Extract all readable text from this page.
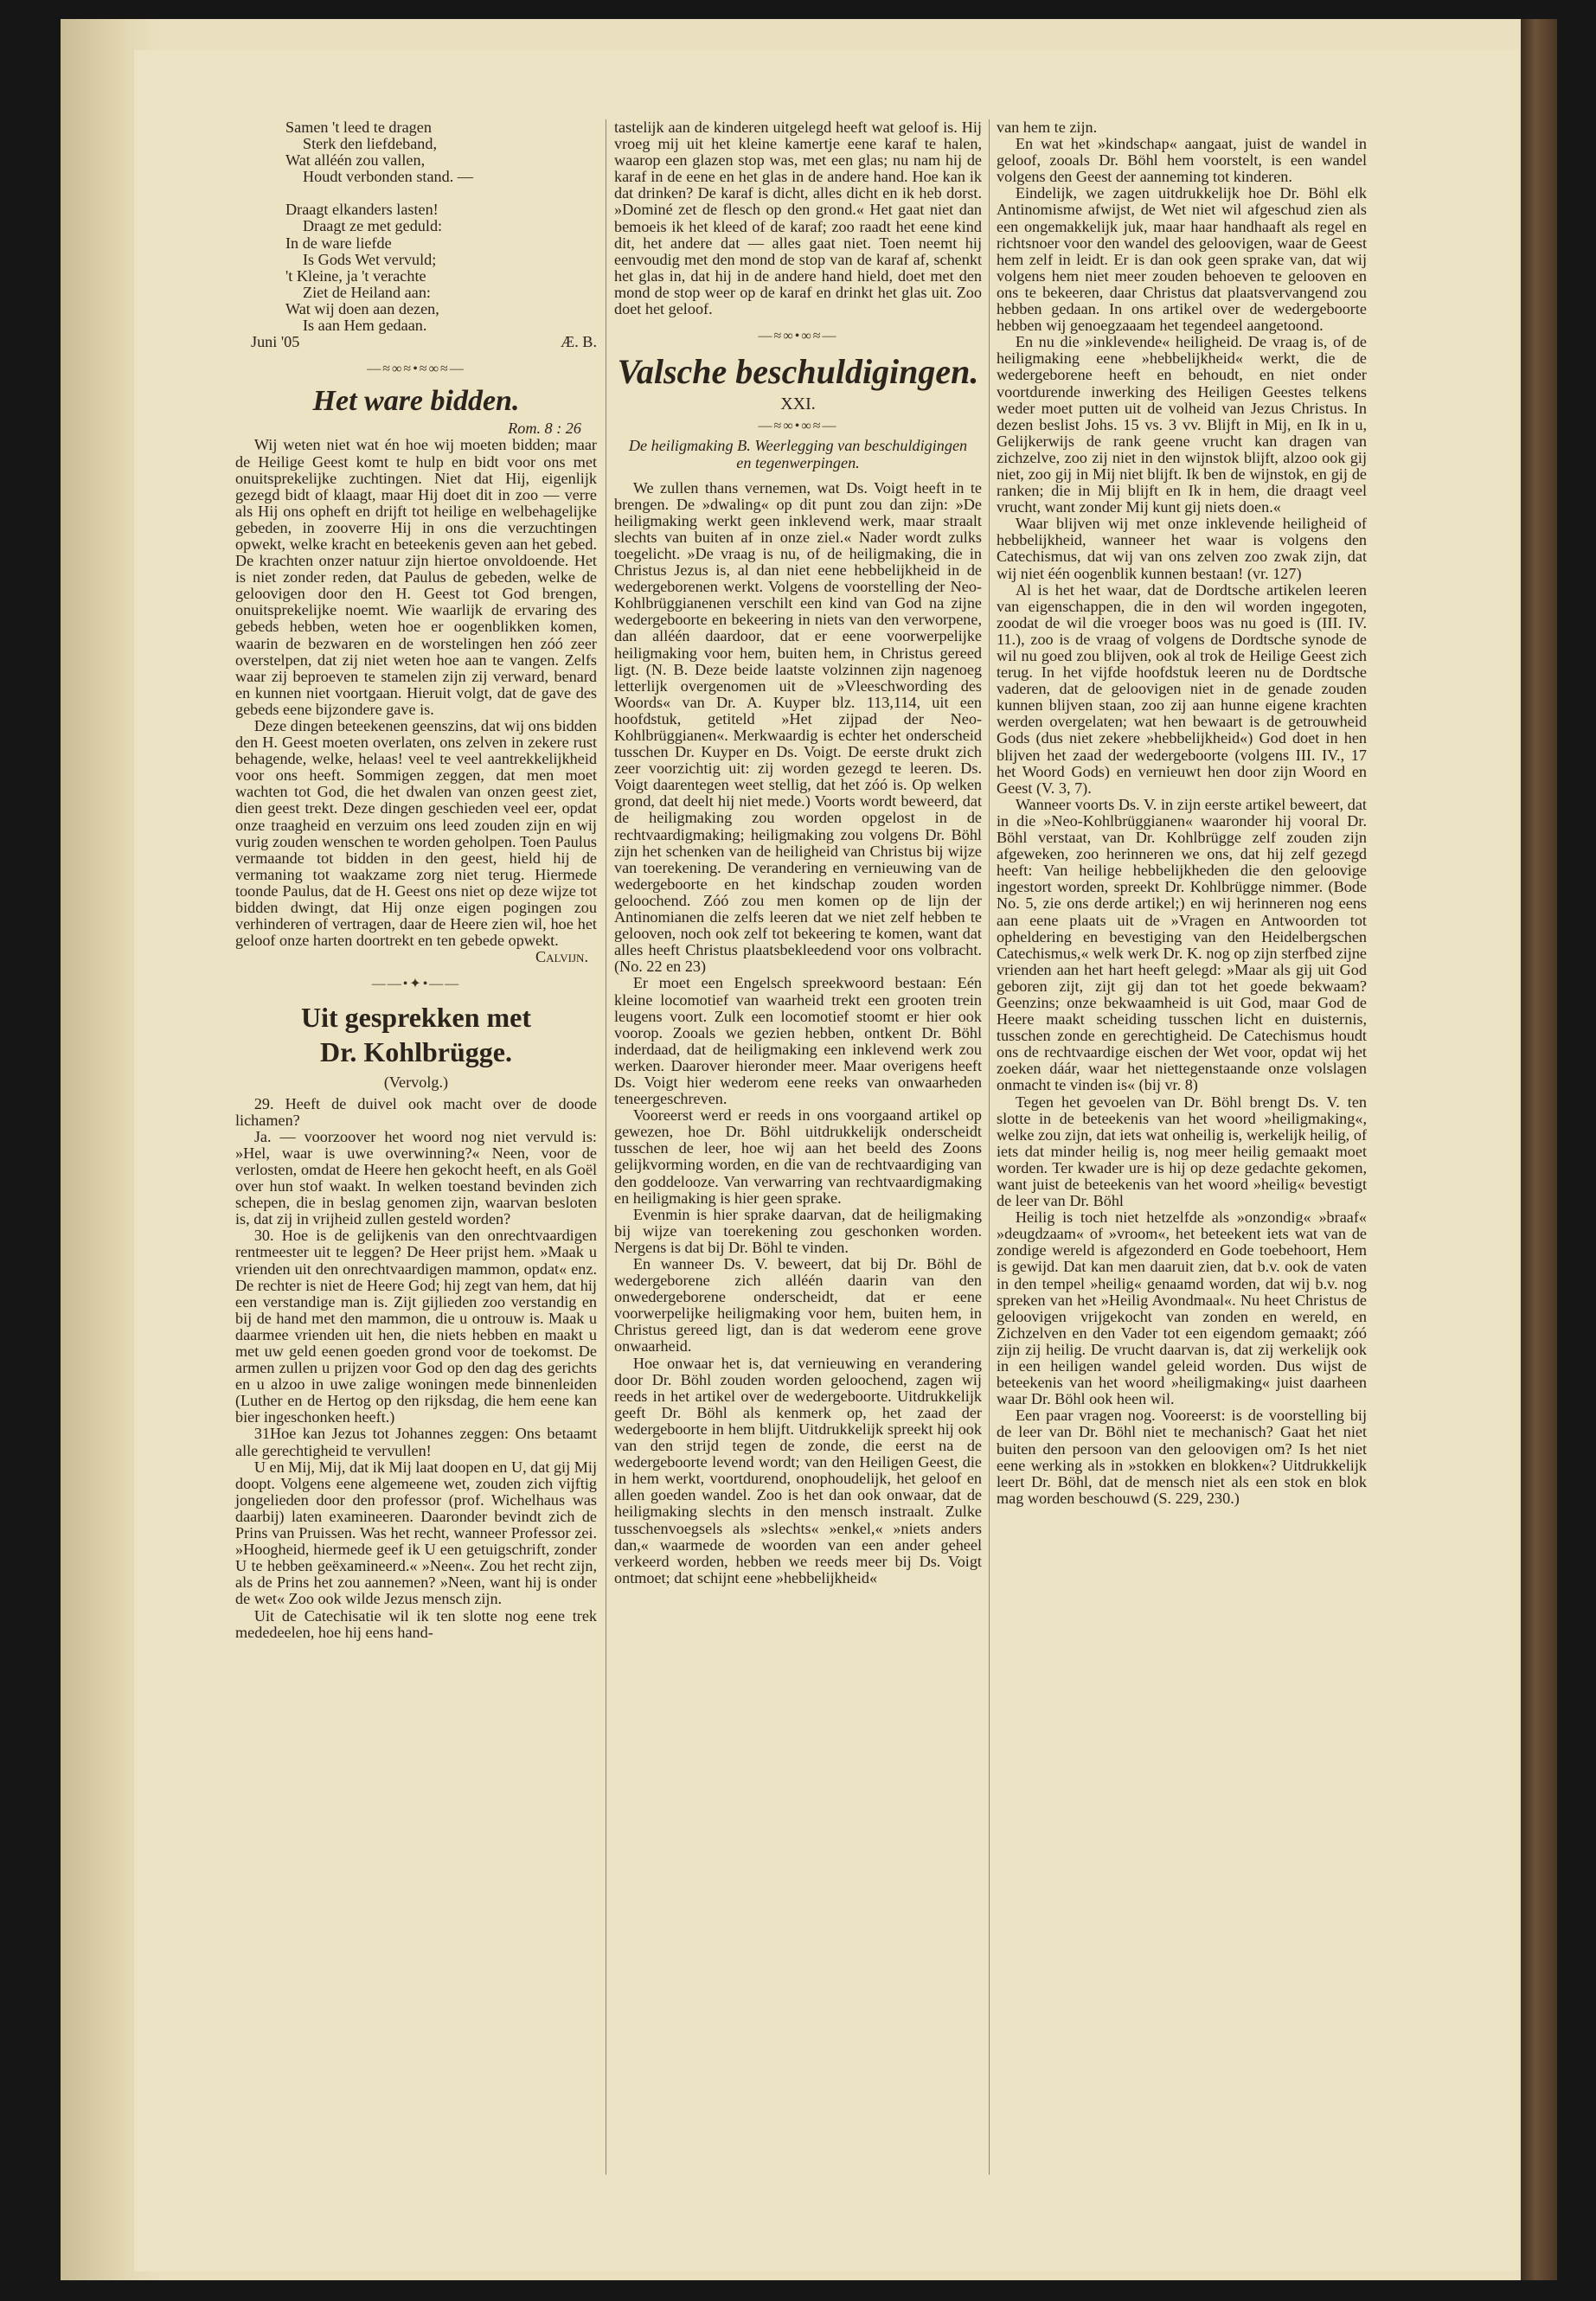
Samen 't leed te dragen
Sterk den liefdeband,
Wat alléén zou vallen,
Houdt verbonden stand. —
Draagt elkanders lasten!
Draagt ze met geduld:
In de ware liefde
Is Gods Wet vervuld;
't Kleine, ja 't verachte
Ziet de Heiland aan:
Wat wij doen aan dezen,
Is aan Hem gedaan.
Juni '05	Æ. B.
—≈∞≈•≈∞≈—
Het ware bidden.
Rom. 8 : 26

Wij weten niet wat én hoe wij moeten bidden; maar de Heilige Geest komt te hulp en bidt voor ons met onuitsprekelijke zuchtingen. Niet dat Hij, eigenlijk gezegd bidt of klaagt, maar Hij doet dit in zoo — verre als Hij ons opheft en drijft tot heilige en welbehagelijke gebeden, in zooverre Hij in ons die verzuchtingen opwekt, welke kracht en beteekenis geven aan het gebed. De krachten onzer natuur zijn hiertoe onvoldoende. Het is niet zonder reden, dat Paulus de gebeden, welke de geloovigen door den H. Geest tot God brengen, onuitsprekelijke noemt. Wie waarlijk de ervaring des gebeds hebben, weten hoe er oogenblikken komen, waarin de bezwaren en de worstelingen hen zóó zeer overstelpen, dat zij niet weten hoe aan te vangen. Zelfs waar zij beproeven te stamelen zijn zij verward, benard en kunnen niet voortgaan. Hieruit volgt, dat de gave des gebeds eene bijzondere gave is.

Deze dingen beteekenen geenszins, dat wij ons bidden den H. Geest moeten overlaten, ons zelven in zekere rust behagende, welke, helaas! veel te veel aantrekkelijkheid voor ons heeft. Sommigen zeggen, dat men moet wachten tot God, die het dwalen van onzen geest ziet, dien geest trekt. Deze dingen geschieden veel eer, opdat onze traagheid en verzuim ons leed zouden zijn en wij vurig zouden wenschen te worden geholpen. Toen Paulus vermaande tot bidden in den geest, hield hij de vermaning tot waakzame zorg niet terug. Hiermede toonde Paulus, dat de H. Geest ons niet op deze wijze tot bidden dwingt, dat Hij onze eigen pogingen zou verhinderen of vertragen, daar de Heere zien wil, hoe het geloof onze harten doortrekt en ten gebede opwekt.

Calvijn.
——•✦•——
Uit gesprekken met
Dr. Kohlbrügge.
(Vervolg.)

29. Heeft de duivel ook macht over de doode lichamen?

Ja. — voorzoover het woord nog niet vervuld is: »Hel, waar is uwe overwinning?« Neen, voor de verlosten, omdat de Heere hen gekocht heeft, en als Goël over hun stof waakt. In welken toestand bevinden zich schepen, die in beslag genomen zijn, waarvan besloten is, dat zij in vrijheid zullen gesteld worden?

30. Hoe is de gelijkenis van den onrechtvaardigen rentmeester uit te leggen? De Heer prijst hem. »Maak u vrienden uit den onrechtvaardigen mammon, opdat« enz. De rechter is niet de Heere God; hij zegt van hem, dat hij een verstandige man is. Zijt gijlieden zoo verstandig en bij de hand met den mammon, die u ontrouw is. Maak u daarmee vrienden uit hen, die niets hebben en maakt u met uw geld eenen goeden grond voor de toekomst. De armen zullen u prijzen voor God op den dag des gerichts en u alzoo in uwe zalige woningen mede binnenleiden (Luther en de Hertog op den rijksdag, die hem eene kan bier ingeschonken heeft.)

31Hoe kan Jezus tot Johannes zeggen: Ons betaamt alle gerechtigheid te vervullen!

U en Mij, Mij, dat ik Mij laat doopen en U, dat gij Mij doopt. Volgens eene algemeene wet, zouden zich vijftig jongelieden door den professor (prof. Wichelhaus was daarbij) laten examineeren. Daaronder bevindt zich de Prins van Pruissen. Was het recht, wanneer Professor zei. »Hoogheid, hiermede geef ik U een getuigschrift, zonder U te hebben geëxamineerd.« »Neen«. Zou het recht zijn, als de Prins het zou aannemen? »Neen, want hij is onder de wet« Zoo ook wilde Jezus mensch zijn.

Uit de Catechisatie wil ik ten slotte nog eene trek mededeelen, hoe hij eens hand-

tastelijk aan de kinderen uitgelegd heeft wat geloof is. Hij vroeg mij uit het kleine kamertje eene karaf te halen, waarop een glazen stop was, met een glas; nu nam hij de karaf in de eene en het glas in de andere hand. Hoe kan ik dat drinken? De karaf is dicht, alles dicht en ik heb dorst. »Dominé zet de flesch op den grond.« Het gaat niet dan bemoeis ik het kleed of de karaf; zoo raadt het eene kind dit, het andere dat — alles gaat niet. Toen neemt hij eenvoudig met den mond de stop van de karaf af, schenkt het glas in, dat hij in de andere hand hield, doet met den mond de stop weer op de karaf en drinkt het glas uit. Zoo doet het geloof.

—≈∞•∞≈—
Valsche beschuldigingen.
XXI.
—≈∞•∞≈—
De heiligmaking B. Weerlegging van beschuldigingen en tegenwerpingen.

We zullen thans vernemen, wat Ds. Voigt heeft in te brengen. De »dwaling« op dit punt zou dan zijn: »De heiligmaking werkt geen inklevend werk, maar straalt slechts van buiten af in onze ziel.« Nader wordt zulks toegelicht. »De vraag is nu, of de heiligmaking, die in Christus Jezus is, al dan niet eene hebbelijkheid in de wedergeborenen werkt. Volgens de voorstelling der Neo-Kohlbrüggianenen verschilt een kind van God na zijne wedergeboorte en bekeering in niets van den verworpene, dan alléén daardoor, dat er eene voorwerpelijke heiligmaking voor hem, buiten hem, in Christus gereed ligt. (N. B. Deze beide laatste volzinnen zijn nagenoeg letterlijk overgenomen uit de »Vleeschwording des Woords« van Dr. A. Kuyper blz. 113,114, uit een hoofdstuk, getiteld »Het zijpad der Neo-Kohlbrüggianen«. Merkwaardig is echter het onderscheid tusschen Dr. Kuyper en Ds. Voigt. De eerste drukt zich zeer voorzichtig uit: zij worden gezegd te leeren. Ds. Voigt daarentegen weet stellig, dat het zóó is. Op welken grond, dat deelt hij niet mede.) Voorts wordt beweerd, dat de heiligmaking zou worden opgelost in de rechtvaardigmaking; heiligmaking zou volgens Dr. Böhl zijn het schenken van de heiligheid van Christus bij wijze van toerekening. De verandering en vernieuwing van de wedergeboorte en het kindschap zouden worden geloochend. Zóó zou men komen op de lijn der Antinomianen die zelfs leeren dat we niet zelf hebben te gelooven, noch ook zelf tot bekeering te komen, want dat alles heeft Christus plaatsbekleedend voor ons volbracht. (No. 22 en 23)

Er moet een Engelsch spreekwoord bestaan: Eén kleine locomotief van waarheid trekt een grooten trein leugens voort. Zulk een locomotief stoomt er hier ook voorop. Zooals we gezien hebben, ontkent Dr. Böhl inderdaad, dat de heiligmaking een inklevend werk zou werken. Daarover hieronder meer. Maar overigens heeft Ds. Voigt hier wederom eene reeks van onwaarheden teneergeschreven.

Vooreerst werd er reeds in ons voorgaand artikel op gewezen, hoe Dr. Böhl uitdrukkelijk onderscheidt tusschen de leer, hoe wij aan het beeld des Zoons gelijkvorming worden, en die van de rechtvaardiging van den goddelooze. Van verwarring van rechtvaardigmaking en heiligmaking is hier geen sprake.

Evenmin is hier sprake daarvan, dat de heiligmaking bij wijze van toerekening zou geschonken worden. Nergens is dat bij Dr. Böhl te vinden.

En wanneer Ds. V. beweert, dat bij Dr. Böhl de wedergeborene zich alléén daarin van den onwedergeborene onderscheidt, dat er eene voorwerpelijke heiligmaking voor hem, buiten hem, in Christus gereed ligt, dan is dat wederom eene grove onwaarheid.

Hoe onwaar het is, dat vernieuwing en verandering door Dr. Böhl zouden worden geloochend, zagen wij reeds in het artikel over de wedergeboorte. Uitdrukkelijk geeft Dr. Böhl als kenmerk op, het zaad der wedergeboorte in hem blijft. Uitdrukkelijk spreekt hij ook van den strijd tegen de zonde, die eerst na de wedergeboorte levend wordt; van den Heiligen Geest, die in hem werkt, voortdurend, onophoudelijk, het geloof en allen goeden wandel. Zoo is het dan ook onwaar, dat de heiligmaking slechts in den mensch instraalt. Zulke tusschenvoegsels als »slechts« »enkel,« »niets anders dan,« waarmede de woorden van een ander geheel verkeerd worden, hebben we reeds meer bij Ds. Voigt ontmoet; dat schijnt eene »hebbelijkheid«

van hem te zijn.

En wat het »kindschap« aangaat, juist de wandel in geloof, zooals Dr. Böhl hem voorstelt, is een wandel volgens den Geest der aanneming tot kinderen.

Eindelijk, we zagen uitdrukkelijk hoe Dr. Böhl elk Antinomisme afwijst, de Wet niet wil afgeschud zien als een ongemakkelijk juk, maar haar handhaaft als regel en richtsnoer voor den wandel des geloovigen, waar de Geest hem zelf in leidt. Er is dan ook geen sprake van, dat wij volgens hem niet meer zouden behoeven te gelooven en ons te bekeeren, daar Christus dat plaatsvervangend zou hebben gedaan. In ons artikel over de wedergeboorte hebben wij genoegzaaam het tegendeel aangetoond.

En nu die »inklevende« heiligheid. De vraag is, of de heiligmaking eene »hebbelijkheid« werkt, die de wedergeborene heeft en behoudt, en niet onder voortdurende inwerking des Heiligen Geestes telkens weder moet putten uit de volheid van Jezus Christus. In dezen beslist Johs. 15 vs. 3 vv. Blijft in Mij, en Ik in u, Gelijkerwijs de rank geene vrucht kan dragen van zichzelve, zoo zij niet in den wijnstok blijft, alzoo ook gij niet, zoo gij in Mij niet blijft. Ik ben de wijnstok, en gij de ranken; die in Mij blijft en Ik in hem, die draagt veel vrucht, want zonder Mij kunt gij niets doen.«

Waar blijven wij met onze inklevende heiligheid of hebbelijkheid, wanneer het waar is volgens den Catechismus, dat wij van ons zelven zoo zwak zijn, dat wij niet één oogenblik kunnen bestaan! (vr. 127)

Al is het het waar, dat de Dordtsche artikelen leeren van eigenschappen, die in den wil worden ingegoten, zoodat de wil die vroeger boos was nu goed is (III. IV. 11.), zoo is de vraag of volgens de Dordtsche synode de wil nu goed zou blijven, ook al trok de Heilige Geest zich terug. In het vijfde hoofdstuk leeren nu de Dordtsche vaderen, dat de geloovigen niet in de genade zouden kunnen blijven staan, zoo zij aan hunne eigene krachten werden overgelaten; wat hen bewaart is de getrouwheid Gods (dus niet zekere »hebbelijkheid«) God doet in hen blijven het zaad der wedergeboorte (volgens III. IV., 17 het Woord Gods) en vernieuwt hen door zijn Woord en Geest (V. 3, 7).

Wanneer voorts Ds. V. in zijn eerste artikel beweert, dat in die »Neo-Kohlbrüggianen« waaronder hij vooral Dr. Böhl verstaat, van Dr. Kohlbrügge zelf zouden zijn afgeweken, zoo herinneren we ons, dat hij zelf gezegd heeft: Van heilige hebbelijkheden die den geloovige ingestort worden, spreekt Dr. Kohlbrügge nimmer. (Bode No. 5, zie ons derde artikel;) en wij herinneren nog eens aan eene plaats uit de »Vragen en Antwoorden tot opheldering en bevestiging van den Heidelbergschen Catechismus,« welk werk Dr. K. nog op zijn sterfbed zijne vrienden aan het hart heeft gelegd: »Maar als gij uit God geboren zijt, zijt gij dan tot het goede bekwaam? Geenzins; onze bekwaamheid is uit God, maar God de Heere maakt scheiding tusschen licht en duisternis, tusschen zonde en gerechtigheid. De Catechismus houdt ons de rechtvaardige eischen der Wet voor, opdat wij het zoeken dáár, waar het niettegenstaande onze volslagen onmacht te vinden is« (bij vr. 8)

Tegen het gevoelen van Dr. Böhl brengt Ds. V. ten slotte in de beteekenis van het woord »heiligmaking«, welke zou zijn, dat iets wat onheilig is, werkelijk heilig, of iets dat minder heilig is, nog meer heilig gemaakt moet worden. Ter kwader ure is hij op deze gedachte gekomen, want juist de beteekenis van het woord »heilig« bevestigt de leer van Dr. Böhl

Heilig is toch niet hetzelfde als »onzondig« »braaf« »deugdzaam« of »vroom«, het beteekent iets wat van de zondige wereld is afgezonderd en Gode toebehoort, Hem is gewijd. Dat kan men daaruit zien, dat b.v. ook de vaten in den tempel »heilig« genaamd worden, dat wij b.v. nog spreken van het »Heilig Avondmaal«. Nu heet Christus de geloovigen vrijgekocht van zonden en wereld, en Zichzelven en den Vader tot een eigendom gemaakt; zóó zijn zij heilig. De vrucht daarvan is, dat zij werkelijk ook in een heiligen wandel geleid worden. Dus wijst de beteekenis van het woord »heiligmaking« juist daarheen waar Dr. Böhl ook heen wil.

Een paar vragen nog. Vooreerst: is de voorstelling bij de leer van Dr. Böhl niet te mechanisch? Gaat het niet buiten den persoon van den geloovigen om? Is het niet eene werking als in »stokken en blokken«? Uitdrukkelijk leert Dr. Böhl, dat de mensch niet als een stok en blok mag worden beschouwd (S. 229, 230.)
